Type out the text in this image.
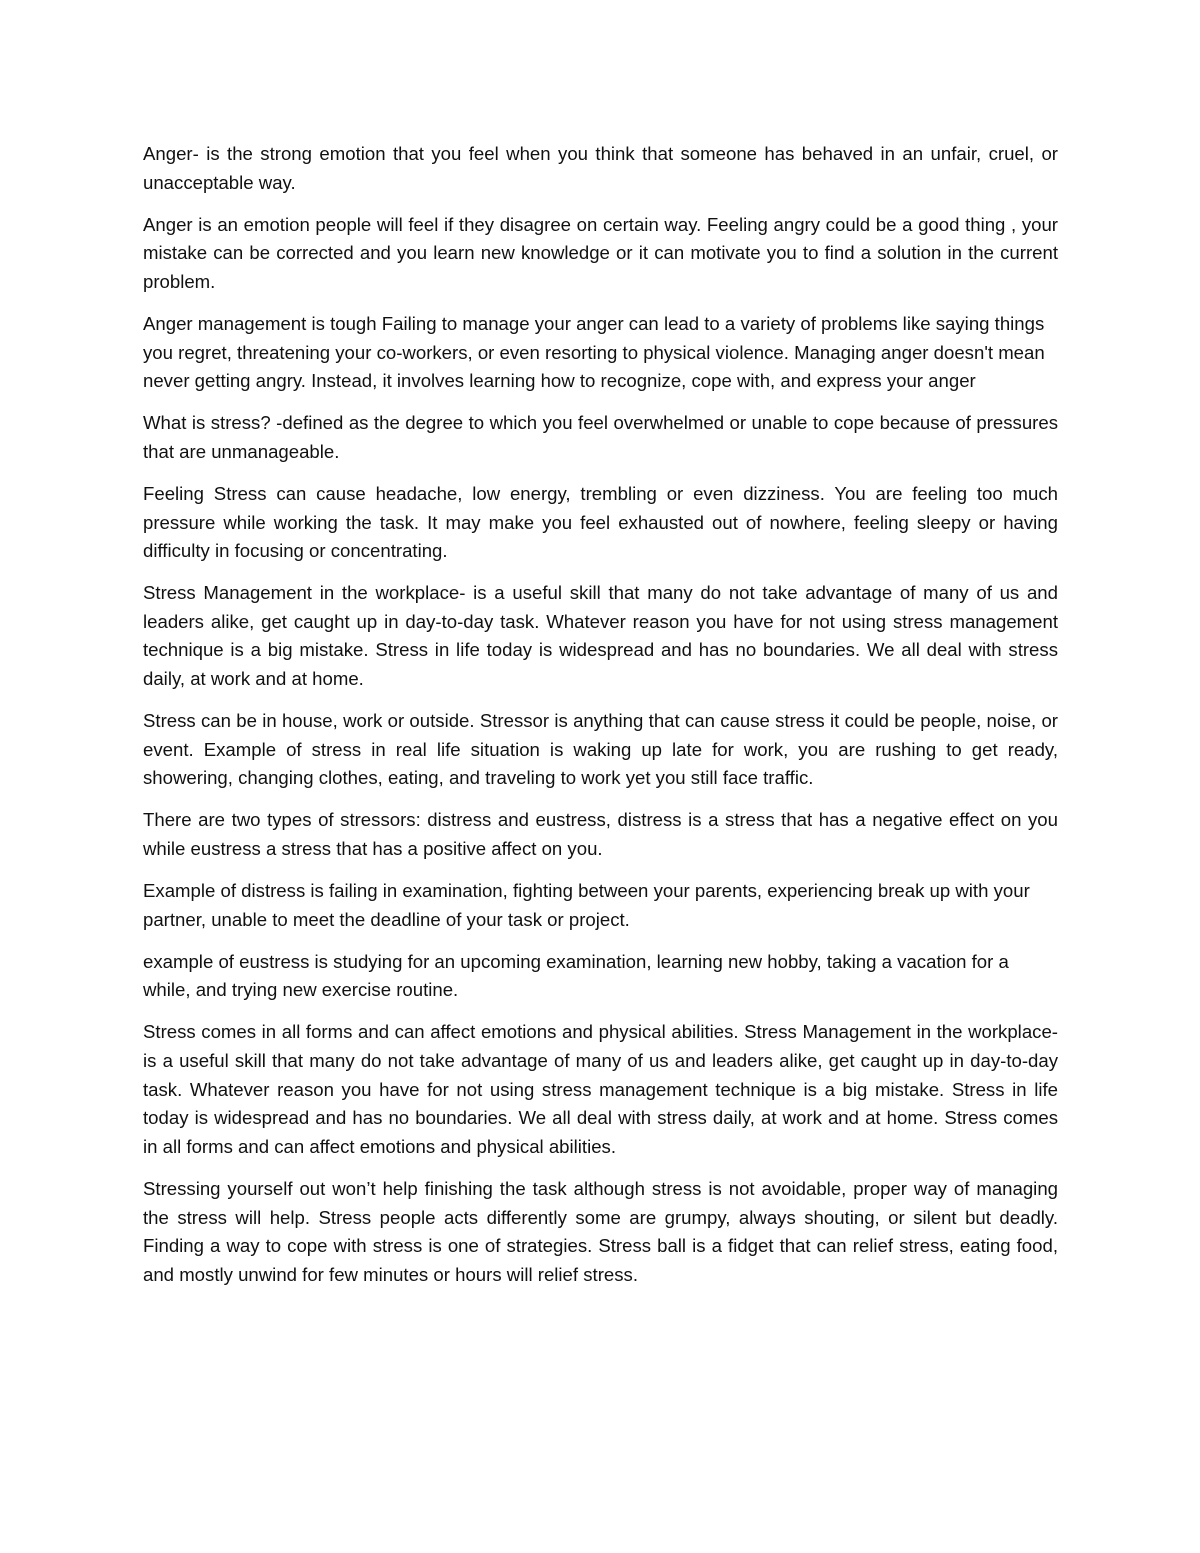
Anger- is the strong emotion that you feel when you think that someone has behaved in an unfair, cruel, or unacceptable way.

Anger is an emotion people will feel if they disagree on certain way. Feeling angry could be a good thing , your mistake can be corrected and you learn new knowledge or it can motivate you to find a solution in the current problem.

Anger management is tough Failing to manage your anger can lead to a variety of problems like saying things you regret, threatening your co-workers, or even resorting to physical violence. Managing anger doesn't mean never getting angry. Instead, it involves learning how to recognize, cope with, and express your anger

What is stress? -defined as the degree to which you feel overwhelmed or unable to cope because of pressures that are unmanageable.

Feeling Stress can cause headache, low energy, trembling or even dizziness. You are feeling too much pressure while working the task. It may make you feel exhausted out of nowhere, feeling sleepy or having difficulty in focusing or concentrating.

Stress Management in the workplace- is a useful skill that many do not take advantage of many of us and leaders alike, get caught up in day-to-day task. Whatever reason you have for not using stress management technique is a big mistake. Stress in life today is widespread and has no boundaries. We all deal with stress daily, at work and at home.

Stress can be in house, work or outside. Stressor is anything that can cause stress it could be people, noise, or event. Example of stress in real life situation is waking up late for work, you are rushing to get ready, showering, changing clothes, eating, and traveling to work yet you still face traffic.

There are two types of stressors: distress and eustress, distress is a stress that has a negative effect on you while eustress a stress that has a positive affect on you.

Example of distress is failing in examination, fighting between your parents, experiencing break up with your partner, unable to meet the deadline of your task or project.

example of eustress is studying for an upcoming examination, learning new hobby, taking a vacation for a while, and trying new exercise routine.

Stress comes in all forms and can affect emotions and physical abilities. Stress Management in the workplace- is a useful skill that many do not take advantage of many of us and leaders alike, get caught up in day-to-day task. Whatever reason you have for not using stress management technique is a big mistake. Stress in life today is widespread and has no boundaries. We all deal with stress daily, at work and at home. Stress comes in all forms and can affect emotions and physical abilities.

Stressing yourself out won’t help finishing the task although stress is not avoidable, proper way of managing the stress will help. Stress people acts differently some are grumpy, always shouting, or silent but deadly. Finding a way to cope with stress is one of strategies. Stress ball is a fidget that can relief stress, eating food, and mostly unwind for few minutes or hours will relief stress.
